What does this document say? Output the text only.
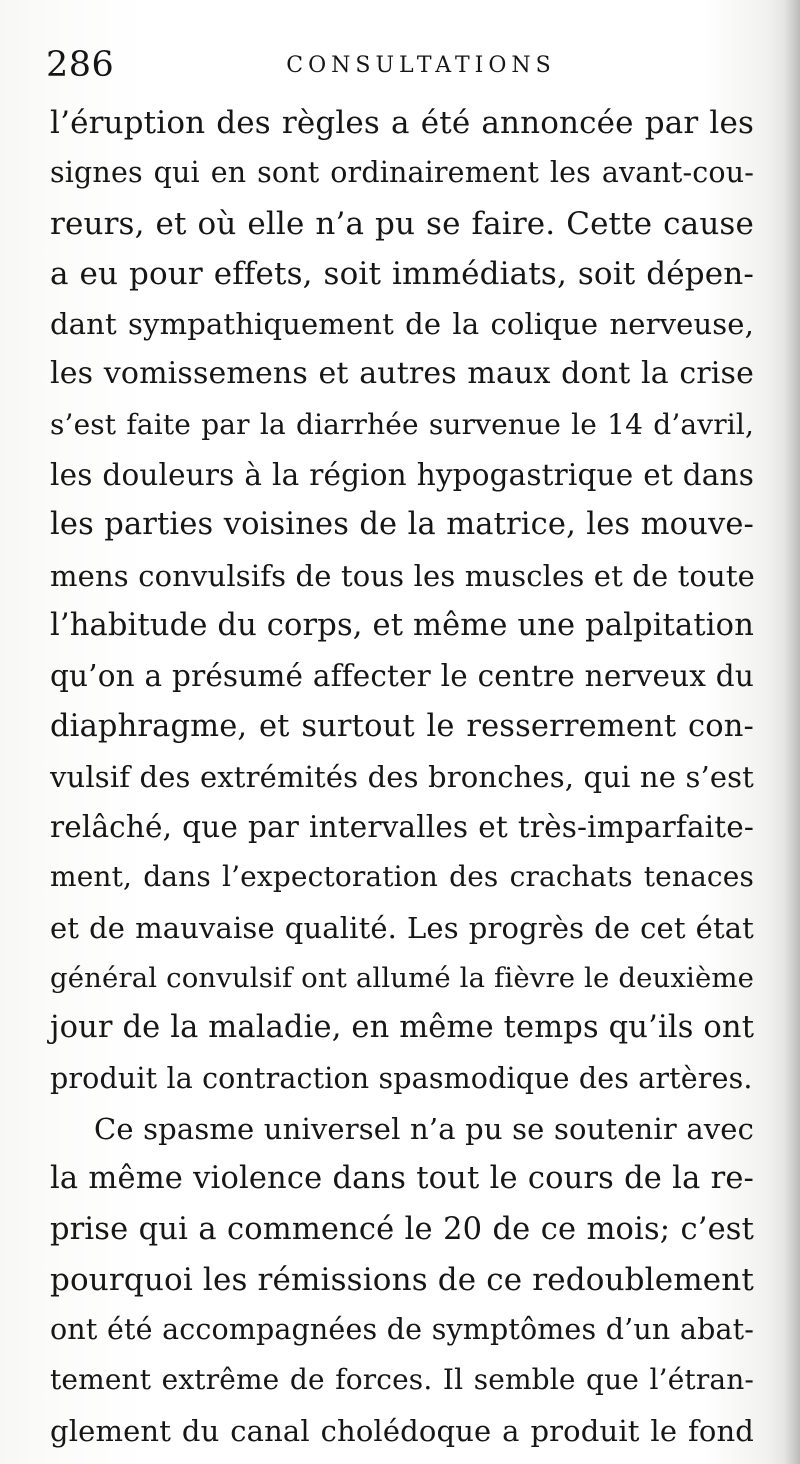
286	CONSULTATIONS
l’éruption des règles a été annoncée par les
signes qui en sont ordinairement les avant-cou-
reurs, et où elle n’a pu se faire. Cette cause
a eu pour effets, soit immédiats, soit dépen-
dant sympathiquement de la colique nerveuse,
les vomissemens et autres maux dont la crise
s’est faite par la diarrhée survenue le 14 d’avril,
les douleurs à la région hypogastrique et dans
les parties voisines de la matrice, les mouve-
mens convulsifs de tous les muscles et de toute
l’habitude du corps, et même une palpitation
qu’on a présumé affecter le centre nerveux du
diaphragme, et surtout le resserrement con-
vulsif des extrémités des bronches, qui ne s’est
relâché, que par intervalles et très-imparfaite-
ment, dans l’expectoration des crachats tenaces
et de mauvaise qualité. Les progrès de cet état
général convulsif ont allumé la fièvre le deuxième
jour de la maladie, en même temps qu’ils ont
produit la contraction spasmodique des artères.
Ce spasme universel n’a pu se soutenir avec
la même violence dans tout le cours de la re-
prise qui a commencé le 20 de ce mois; c’est
pourquoi les rémissions de ce redoublement
ont été accompagnées de symptômes d’un abat-
tement extrême de forces. Il semble que l’étran-
glement du canal cholédoque a produit le fond
